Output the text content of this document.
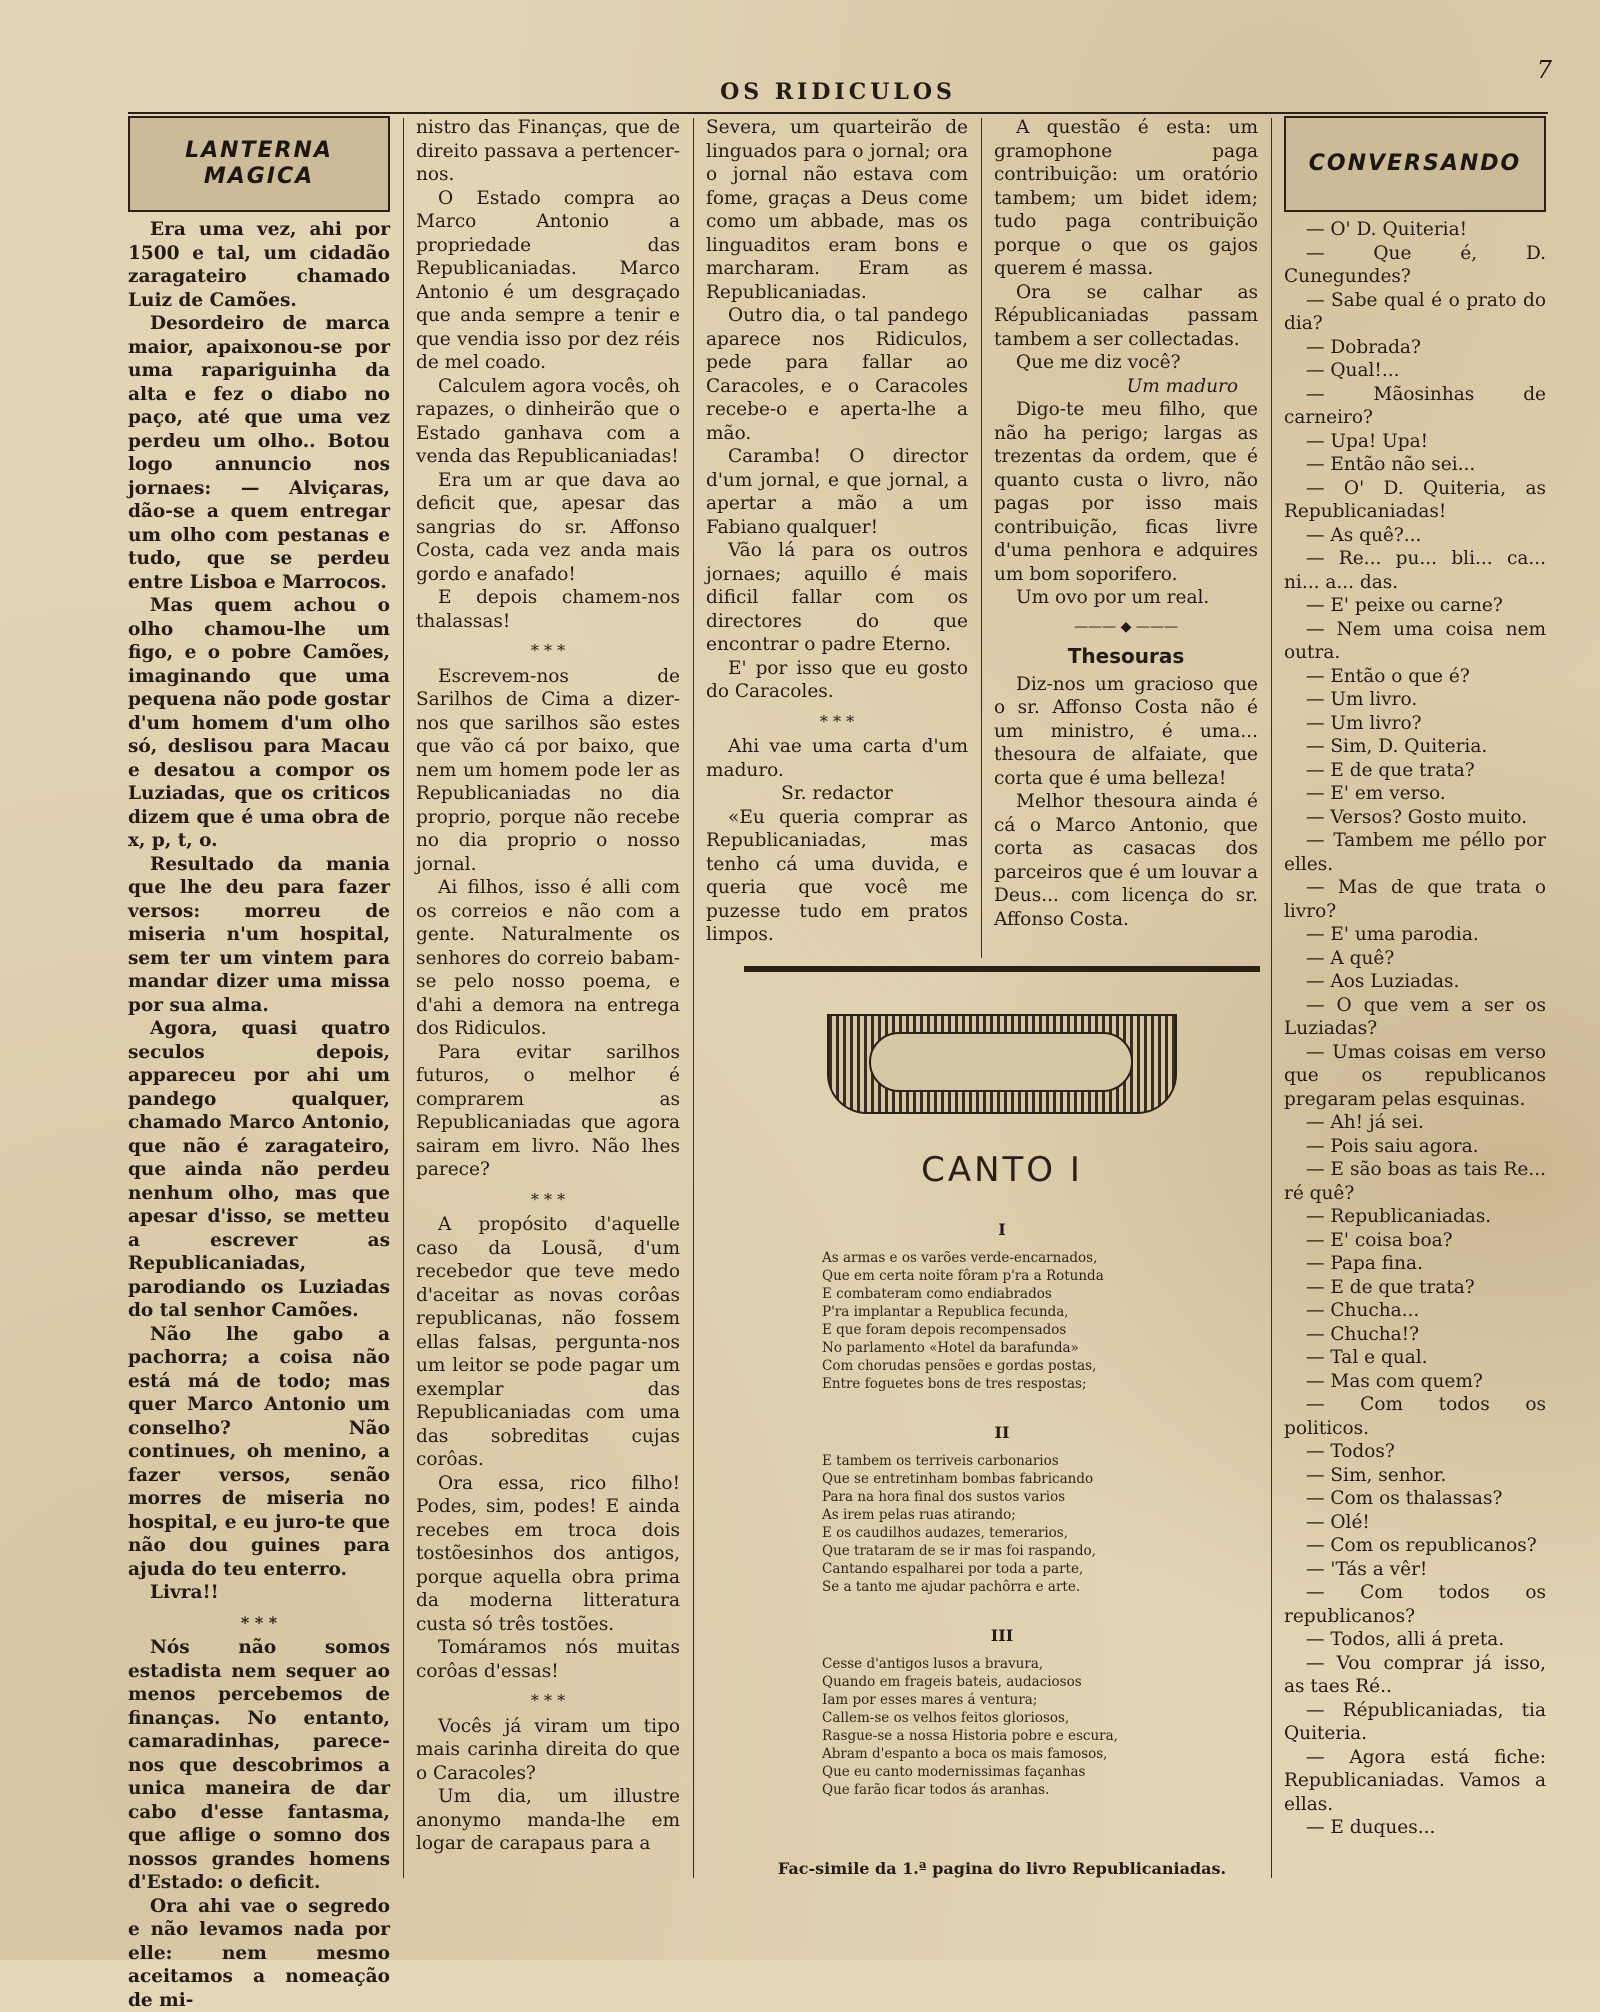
OS RIDICULOS
7
LANTERNA MAGICA

Era uma vez, ahi por 1500 e tal, um cidadão zaragateiro chamado Luiz de Camões.

Desordeiro de marca maior, apaixonou-se por uma rapariguinha da alta e fez o diabo no paço, até que uma vez perdeu um olho.. Botou logo annuncio nos jornaes: — Alviçaras, dão-se a quem entregar um olho com pestanas e tudo, que se perdeu entre Lisboa e Marrocos.

Mas quem achou o olho chamou-lhe um figo, e o pobre Camões, imaginando que uma pequena não pode gostar d'um homem d'um olho só, deslisou para Macau e desatou a compor os Luziadas, que os criticos dizem que é uma obra de x, p, t, o.

Resultado da mania que lhe deu para fazer versos: morreu de miseria n'um hospital, sem ter um vintem para mandar dizer uma missa por sua alma.

Agora, quasi quatro seculos depois, appareceu por ahi um pandego qualquer, chamado Marco Antonio, que não é zaragateiro, que ainda não perdeu nenhum olho, mas que apesar d'isso, se metteu a escrever as Republicaniadas, parodiando os Luziadas do tal senhor Camões.

Não lhe gabo a pachorra; a coisa não está má de todo; mas quer Marco Antonio um conselho? Não continues, oh menino, a fazer versos, senão morres de miseria no hospital, e eu juro-te que não dou guines para ajuda do teu enterro.

Livra!!

* * *

Nós não somos estadista nem sequer ao menos percebemos de finanças. No entanto, camaradinhas, parece-nos que descobrimos a unica maneira de dar cabo d'esse fantasma, que aflige o somno dos nossos grandes homens d'Estado: o deficit.

Ora ahi vae o segredo e não levamos nada por elle: nem mesmo aceitamos a nomeação de mi-

nistro das Finanças, que de direito passava a pertencer-nos.

O Estado compra ao Marco Antonio a propriedade das Republicaniadas. Marco Antonio é um desgraçado que anda sempre a tenir e que vendia isso por dez réis de mel coado.

Calculem agora vocês, oh rapazes, o dinheirão que o Estado ganhava com a venda das Republicaniadas!

Era um ar que dava ao deficit que, apesar das sangrias do sr. Affonso Costa, cada vez anda mais gordo e anafado!

E depois chamem-nos thalassas!

* * *

Escrevem-nos de Sarilhos de Cima a dizer-nos que sarilhos são estes que vão cá por baixo, que nem um homem pode ler as Republicaniadas no dia proprio, porque não recebe no dia proprio o nosso jornal.

Ai filhos, isso é alli com os correios e não com a gente. Naturalmente os senhores do correio babam-se pelo nosso poema, e d'ahi a demora na entrega dos Ridiculos.

Para evitar sarilhos futuros, o melhor é comprarem as Republicaniadas que agora sairam em livro. Não lhes parece?

* * *

A propósito d'aquelle caso da Lousã, d'um recebedor que teve medo d'aceitar as novas corôas republicanas, não fossem ellas falsas, pergunta-nos um leitor se pode pagar um exemplar das Republicaniadas com uma das sobreditas cujas corôas.

Ora essa, rico filho! Podes, sim, podes! E ainda recebes em troca dois tostõesinhos dos antigos, porque aquella obra prima da moderna litteratura custa só três tostões.

Tomáramos nós muitas corôas d'essas!

* * *

Vocês já viram um tipo mais carinha direita do que o Caracoles?

Um dia, um illustre anonymo manda-lhe em logar de carapaus para a

Severa, um quarteirão de linguados para o jornal; ora o jornal não estava com fome, graças a Deus come como um abbade, mas os linguaditos eram bons e marcharam. Eram as Republicaniadas.

Outro dia, o tal pandego aparece nos Ridiculos, pede para fallar ao Caracoles, e o Caracoles recebe-o e aperta-lhe a mão.

Caramba! O director d'um jornal, e que jornal, a apertar a mão a um Fabiano qualquer!

Vão lá para os outros jornaes; aquillo é mais dificil fallar com os directores do que encontrar o padre Eterno.

E' por isso que eu gosto do Caracoles.

* * *

Ahi vae uma carta d'um maduro.

Sr. redactor

«Eu queria comprar as Republicaniadas, mas tenho cá uma duvida, e queria que você me puzesse tudo em pratos limpos.

A questão é esta: um gramophone paga contribuição: um oratório tambem; um bidet idem; tudo paga contribuição porque o que os gajos querem é massa.

Ora se calhar as Républicaniadas passam tambem a ser collectadas.

Que me diz você?

Um maduro

Digo-te meu filho, que não ha perigo; largas as trezentas da ordem, que é quanto custa o livro, não pagas por isso mais contribuição, ficas livre d'uma penhora e adquires um bom soporifero.

Um ovo por um real.

——— ◆ ———
Thesouras

Diz-nos um gracioso que o sr. Affonso Costa não é um ministro, é uma... thesoura de alfaiate, que corta que é uma belleza!

Melhor thesoura ainda é cá o Marco Antonio, que corta as casacas dos parceiros que é um louvar a Deus... com licença do sr. Affonso Costa.

CONVERSANDO

— O' D. Quiteria!

— Que é, D. Cunegundes?

— Sabe qual é o prato do dia?

— Dobrada?

— Qual!...

— Mãosinhas de carneiro?

— Upa! Upa!

— Então não sei...

— O' D. Quiteria, as Republicaniadas!

— As quê?...

— Re... pu... bli... ca... ni... a... das.

— E' peixe ou carne?

— Nem uma coisa nem outra.

— Então o que é?

— Um livro.

— Um livro?

— Sim, D. Quiteria.

— E de que trata?

— E' em verso.

— Versos? Gosto muito.

— Tambem me péllo por elles.

— Mas de que trata o livro?

— E' uma parodia.

— A quê?

— Aos Luziadas.

— O que vem a ser os Luziadas?

— Umas coisas em verso que os republicanos pregaram pelas esquinas.

— Ah! já sei.

— Pois saiu agora.

— E são boas as tais Re... ré quê?

— Republicaniadas.

— E' coisa boa?

— Papa fina.

— E de que trata?

— Chucha...

— Chucha!?

— Tal e qual.

— Mas com quem?

— Com todos os politicos.

— Todos?

— Sim, senhor.

— Com os thalassas?

— Olé!

— Com os republicanos?

— 'Tás a vêr!

— Com todos os republicanos?

— Todos, alli á preta.

— Vou comprar já isso, as taes Ré..

— Républicaniadas, tia Quiteria.

— Agora está fiche: Republicaniadas. Vamos a ellas.

— E duques...

CANTO I
I
As armas e os varões verde-encarnados,
Que em certa noite fôram p'ra a Rotunda
E combateram como endiabrados
P'ra implantar a Republica fecunda,
E que foram depois recompensados
No parlamento «Hotel da barafunda»
Com chorudas pensões e gordas postas,
Entre foguetes bons de tres respostas;
II
E tambem os terriveis carbonarios
Que se entretinham bombas fabricando
Para na hora final dos sustos varios
As irem pelas ruas atirando;
E os caudilhos audazes, temerarios,
Que trataram de se ir mas foi raspando,
Cantando espalharei por toda a parte,
Se a tanto me ajudar pachôrra e arte.
III
Cesse d'antigos lusos a bravura,
Quando em frageis bateis, audaciosos
Iam por esses mares á ventura;
Callem-se os velhos feitos gloriosos,
Rasgue-se a nossa Historia pobre e escura,
Abram d'espanto a boca os mais famosos,
Que eu canto modernissimas façanhas
Que farão ficar todos ás aranhas.
Fac-simile da 1.ª pagina do livro Republicaniadas.
